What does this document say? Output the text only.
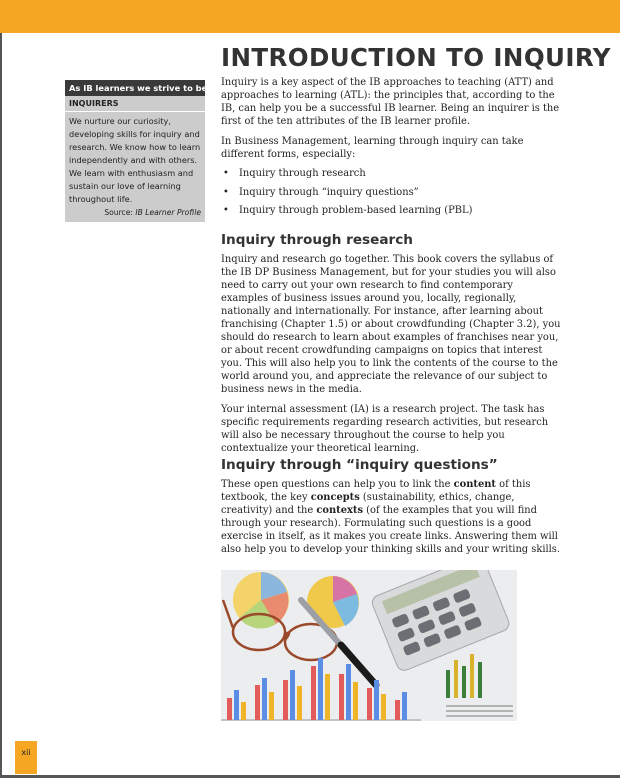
INTRODUCTION TO INQUIRY
As IB learners we strive to be:
INQUIRERS
We nurture our curiosity, developing skills for inquiry and research. We know how to learn independently and with others. We learn with enthusiasm and sustain our love of learning throughout life.
Source: IB Learner Profile

Inquiry is a key aspect of the IB approaches to teaching (ATT) and approaches to learning (ATL): the principles that, according to the IB, can help you be a successful IB learner. Being an inquirer is the first of the ten attributes of the IB learner profile.

In Business Management, learning through inquiry can take different forms, especially:

• Inquiry through research
• Inquiry through “inquiry questions”
• Inquiry through problem-based learning (PBL)
Inquiry through research

Inquiry and research go together. This book covers the syllabus of the IB DP Business Management, but for your studies you will also need to carry out your own research to find contemporary examples of business issues around you, locally, regionally, nationally and internationally. For instance, after learning about franchising (Chapter 1.5) or about crowdfunding (Chapter 3.2), you should do research to learn about examples of franchises near you, or about recent crowdfunding campaigns on topics that interest you. This will also help you to link the contents of the course to the world around you, and appreciate the relevance of our subject to business news in the media.

Your internal assessment (IA) is a research project. The task has specific requirements regarding research activities, but research will also be necessary throughout the course to help you contextualize your theoretical learning.

Inquiry through “inquiry questions”

These open questions can help you to link the content of this textbook, the key concepts (sustainability, ethics, change, creativity) and the contexts (of the examples that you will find through your research). Formulating such questions is a good exercise in itself, as it makes you create links. Answering them will also help you to develop your thinking skills and your writing skills.

xii
